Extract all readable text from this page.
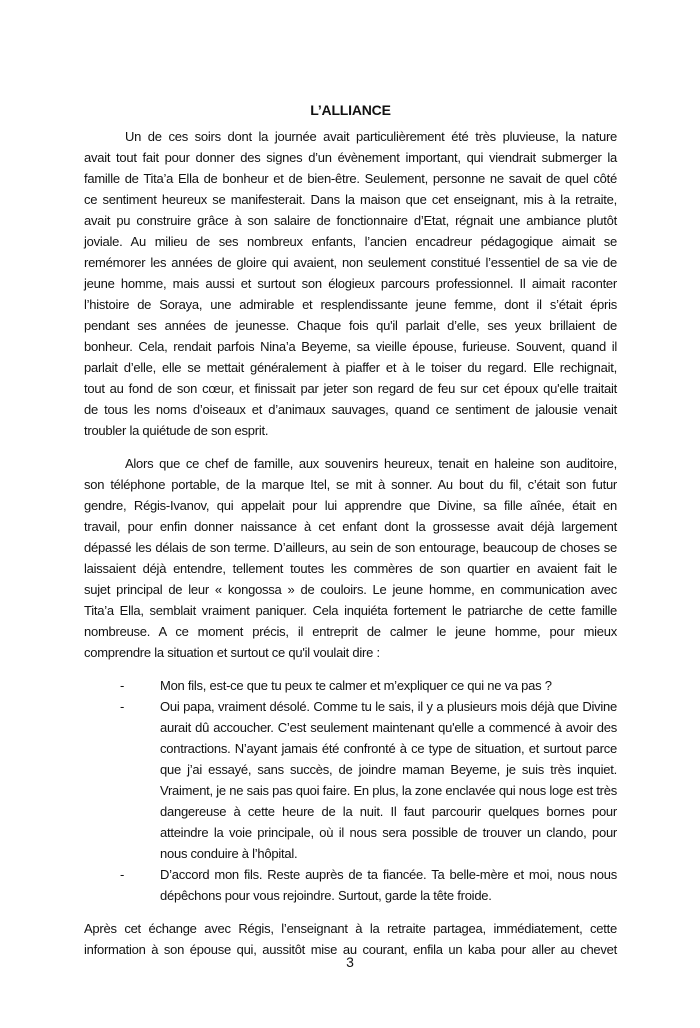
L’ALLIANCE
Un de ces soirs dont la journée avait particulièrement été très pluvieuse, la nature
avait tout fait pour donner des signes d’un évènement important, qui viendrait submerger la
famille de Tita’a Ella de bonheur et de bien-être. Seulement, personne ne savait de quel côté
ce sentiment heureux se manifesterait. Dans la maison que cet enseignant, mis à la retraite,
avait pu construire grâce à son salaire de fonctionnaire d’Etat, régnait une ambiance plutôt
joviale. Au milieu de ses nombreux enfants, l’ancien encadreur pédagogique aimait se
remémorer les années de gloire qui avaient, non seulement constitué l’essentiel de sa vie de
jeune homme, mais aussi et surtout son élogieux parcours professionnel. Il aimait raconter
l’histoire de Soraya, une admirable et resplendissante jeune femme, dont il s’était épris
pendant ses années de jeunesse. Chaque fois qu'il parlait d’elle, ses yeux brillaient de
bonheur. Cela, rendait parfois Nina’a Beyeme, sa vieille épouse, furieuse. Souvent, quand il
parlait d’elle, elle se mettait généralement à piaffer et à le toiser du regard. Elle rechignait,
tout au fond de son cœur, et finissait par jeter son regard de feu sur cet époux qu'elle traitait
de tous les noms d’oiseaux et d’animaux sauvages, quand ce sentiment de jalousie venait
troubler la quiétude de son esprit.
Alors que ce chef de famille, aux souvenirs heureux, tenait en haleine son auditoire,
son téléphone portable, de la marque Itel, se mit à sonner. Au bout du fil, c’était son futur
gendre, Régis-Ivanov, qui appelait pour lui apprendre que Divine, sa fille aînée, était en
travail, pour enfin donner naissance à cet enfant dont la grossesse avait déjà largement
dépassé les délais de son terme. D’ailleurs, au sein de son entourage, beaucoup de choses se
laissaient déjà entendre, tellement toutes les commères de son quartier en avaient fait le
sujet principal de leur « kongossa » de couloirs. Le jeune homme, en communication avec
Tita’a Ella, semblait vraiment paniquer. Cela inquiéta fortement le patriarche de cette famille
nombreuse. A ce moment précis, il entreprit de calmer le jeune homme, pour mieux
comprendre la situation et surtout ce qu'il voulait dire :
-	Mon fils, est-ce que tu peux te calmer et m’expliquer ce qui ne va pas ?
-	Oui papa, vraiment désolé. Comme tu le sais, il y a plusieurs mois déjà que Divine
aurait dû accoucher. C’est seulement maintenant qu'elle a commencé à avoir des
contractions. N’ayant jamais été confronté à ce type de situation, et surtout parce
que j’ai essayé, sans succès, de joindre maman Beyeme, je suis très inquiet.
Vraiment, je ne sais pas quoi faire. En plus, la zone enclavée qui nous loge est très
dangereuse à cette heure de la nuit. Il faut parcourir quelques bornes pour
atteindre la voie principale, où il nous sera possible de trouver un clando, pour
nous conduire à l’hôpital.
-	D’accord mon fils. Reste auprès de ta fiancée. Ta belle-mère et moi, nous nous
dépêchons pour vous rejoindre. Surtout, garde la tête froide.
Après cet échange avec Régis, l’enseignant à la retraite partagea, immédiatement, cette
information à son épouse qui, aussitôt mise au courant, enfila un kaba pour aller au chevet
3
